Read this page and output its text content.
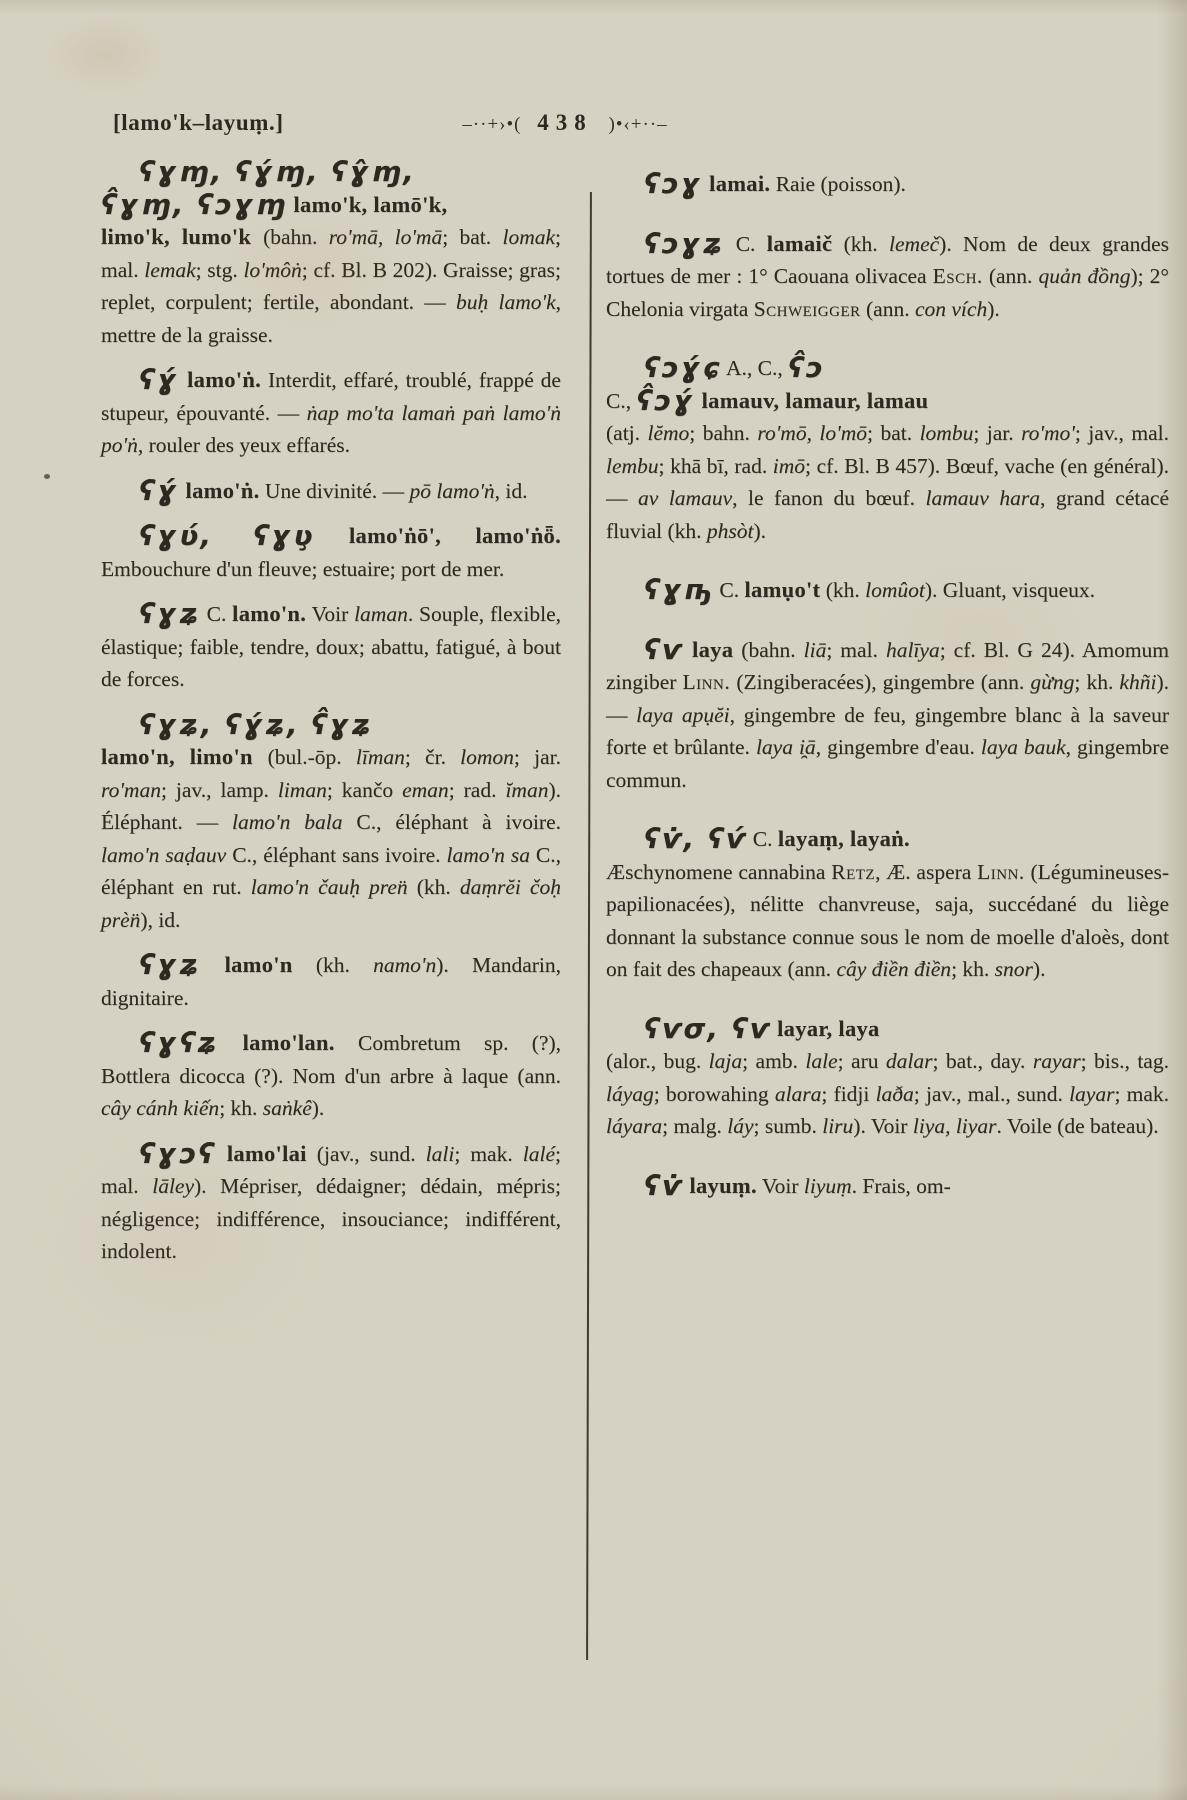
[lamo'k–layuṃ.]	–··+›•( 438 )•‹+··–

ʕɣɱ, ʕɣ́ɱ, ʕɣ̂ɱ,
ʕ̂ɣɱ, ʕɔɣɱ lamo'k, lamō'k,
limo'k, lumo'k (bahn. ro'mā, lo'mā; bat. lomak; mal. lemak; stg. lo'môṅ; cf. Bl. B 202). Graisse; gras; replet, corpulent; fertile, abondant. — buḥ lamo'k, mettre de la graisse.

ʕɣ́ lamo'ṅ. Interdit, effaré, troublé, frappé de stupeur, épouvanté. — ṅap mo'ta lamaṅ paṅ lamo'ṅ po'ṅ, rouler des yeux effarés.

ʕɣ́ lamo'ṅ. Une divinité. — pō lamo'ṅ, id.

ʕɣʋ́, ʕɣʋ̧ lamo'ṅō', lamo'ṅȫ. Embouchure d'un fleuve; estuaire; port de mer.

ʕɣʑ C. lamo'n. Voir laman. Souple, flexible, élastique; faible, tendre, doux; abattu, fatigué, à bout de forces.

ʕɣʑ, ʕɣ́ʑ, ʕ̂ɣʑ
lamo'n, limo'n (bul.-ōp. līman; čr. lomon; jar. ro'man; jav., lamp. liman; kančo eman; rad. ĭman). Éléphant. — lamo'n bala C., éléphant à ivoire. lamo'n saḍauv C., éléphant sans ivoire. lamo'n sa C., éléphant en rut. lamo'n čauḥ pren̈ (kh. daṃrĕi čoḥ prèn̈), id.

ʕɣʑ lamo'n (kh. namo'n). Mandarin, dignitaire.

ʕɣʕʑ lamo'lan. Combretum sp. (?), Bottlera dicocca (?). Nom d'un arbre à laque (ann. cây cánh kiến; kh. saṅkê).

ʕɣɔʕ lamo'lai (jav., sund. lali; mak. lalé; mal. lāley). Mépriser, dédaigner; dédain, mépris; négligence; indifférence, insouciance; indifférent, indolent.

ʕɔɣ lamai. Raie (poisson).

ʕɔɣʑ C. lamaič (kh. lemeč). Nom de deux grandes tortues de mer : 1° Caouana olivacea Esch. (ann. quản đồng); 2° Chelonia virgata Schweigger (ann. con vích).

ʕɔɣ́ɕ A., C., ʕ̂ɔ
C., ʕ̂ɔɣ́ lamauv, lamaur, lamau
(atj. lĕmo; bahn. ro'mō, lo'mō; bat. lombu; jar. ro'mo'; jav., mal. lembu; khā bī, rad. imō; cf. Bl. B 457). Bœuf, vache (en général). — av lamauv, le fanon du bœuf. lamauv hara, grand cétacé fluvial (kh. phsòt).

ʕɣ̧ҧ C. lamụo't (kh. lomûot). Gluant, visqueux.

ʕѵ laya (bahn. liā; mal. halīya; cf. Bl. G 24). Amomum zingiber Linn. (Zingiberacées), gingembre (ann. gừng; kh. khñi). — laya apụĕi, gingembre de feu, gingembre blanc à la saveur forte et brûlante. laya i̯ā, gingembre d'eau. laya bauk, gingembre commun.

ʕѵ̇, ʕѵ́ C. layaṃ, layaṅ.
Æschynomene cannabina Retz, Æ. aspera Linn. (Légumineuses-papilionacées), nélitte chanvreuse, saja, succédané du liège donnant la substance connue sous le nom de moelle d'aloès, dont on fait des chapeaux (ann. cây điền điền; kh. snor).

ʕѵσ, ʕѵ layar, laya
(alor., bug. laja; amb. lale; aru dalar; bat., day. rayar; bis., tag. láyag; borowahing alara; fidji laða; jav., mal., sund. layar; mak. láyara; malg. láy; sumb. liru). Voir liya, liyar. Voile (de bateau).

ʕѵ̇ layuṃ. Voir liyuṃ. Frais, om-
